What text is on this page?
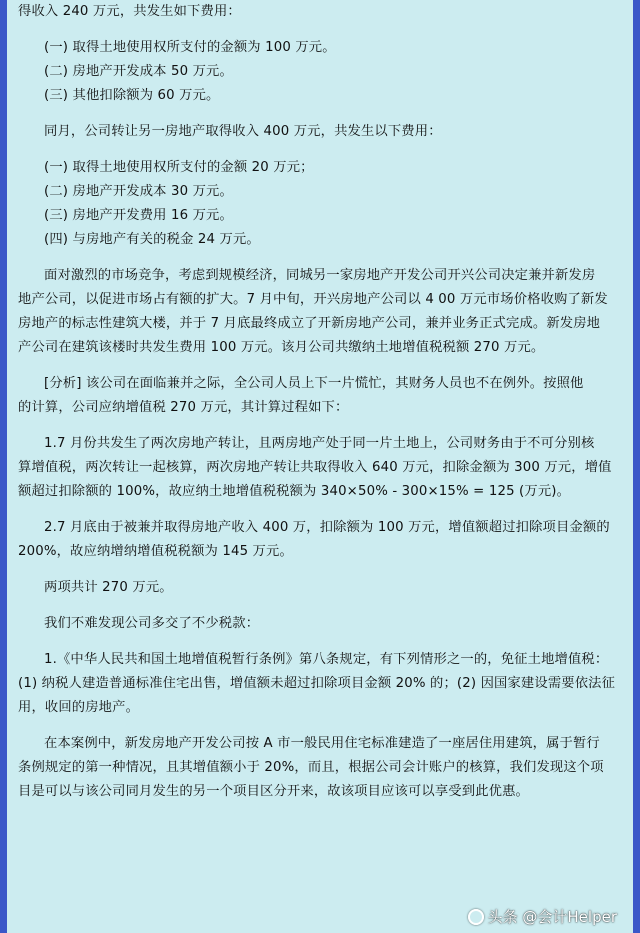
得收入 240 万元，共发生如下费用：
(一) 取得土地使用权所支付的金额为 100 万元。
(二) 房地产开发成本 50 万元。
(三) 其他扣除额为 60 万元。
同月，公司转让另一房地产取得收入 400 万元，共发生以下费用：
(一) 取得土地使用权所支付的金额 20 万元；
(二) 房地产开发成本 30 万元。
(三) 房地产开发费用 16 万元。
(四) 与房地产有关的税金 24 万元。
面对激烈的市场竞争，考虑到规模经济，同城另一家房地产开发公司开兴公司决定兼并新发房
地产公司，以促进市场占有额的扩大。7 月中旬，开兴房地产公司以 4 00 万元市场价格收购了新发
房地产的标志性建筑大楼，并于 7 月底最终成立了开新房地产公司，兼并业务正式完成。新发房地
产公司在建筑该楼时共发生费用 100 万元。该月公司共缴纳土地增值税税额 270 万元。
[分析] 该公司在面临兼并之际，全公司人员上下一片慌忙，其财务人员也不在例外。按照他
的计算，公司应纳增值税 270 万元，其计算过程如下：
1.7 月份共发生了两次房地产转让，且两房地产处于同一片土地上，公司财务由于不可分别核
算增值税，两次转让一起核算，两次房地产转让共取得收入 640 万元，扣除金额为 300 万元，增值
额超过扣除额的 100%，故应纳土地增值税税额为 340×50% - 300×15% = 125 (万元)。
2.7 月底由于被兼并取得房地产收入 400 万，扣除额为 100 万元，增值额超过扣除项目金额的
200%，故应纳增纳增值税税额为 145 万元。
两项共计 270 万元。
我们不难发现公司多交了不少税款：
1.《中华人民共和国土地增值税暂行条例》第八条规定，有下列情形之一的，免征土地增值税：
(1) 纳税人建造普通标准住宅出售，增值额未超过扣除项目金额 20% 的；(2) 因国家建设需要依法征
用，收回的房地产。
在本案例中，新发房地产开发公司按 A 市一般民用住宅标准建造了一座居住用建筑，属于暂行
条例规定的第一种情况，且其增值额小于 20%，而且，根据公司会计账户的核算，我们发现这个项
目是可以与该公司同月发生的另一个项目区分开来，故该项目应该可以享受到此优惠。
头条 @会计Helper
